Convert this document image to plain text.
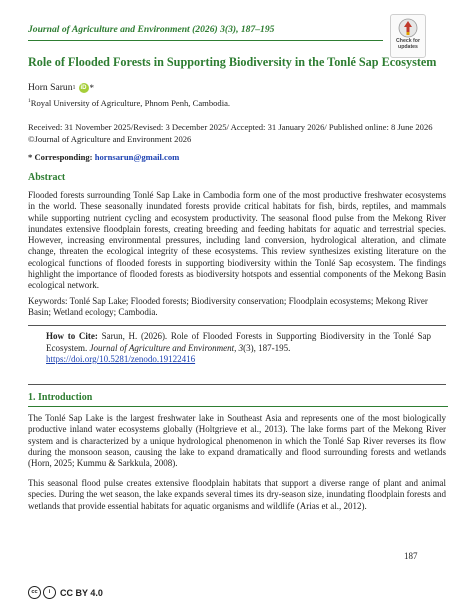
Journal of Agriculture and Environment (2026) 3(3), 187–195
Check for updates
Role of Flooded Forests in Supporting Biodiversity in the Tonlé Sap Ecosystem
Horn Sarun 1 iD *
$^1$Royal University of Agriculture, Phnom Penh, Cambodia.
Received: 31 November 2025/Revised: 3 December 2025/ Accepted: 31 January 2026/ Published online: 8 June 2026
©Journal of Agriculture and Environment 2026
* Corresponding: hornsarun@gmail.com
Abstract
Flooded forests surrounding Tonlé Sap Lake in Cambodia form one of the most productive freshwater ecosystems in the world. These seasonally inundated forests provide critical habitats for fish, birds, reptiles, and mammals while supporting nutrient cycling and ecosystem productivity. The seasonal flood pulse from the Mekong River inundates extensive floodplain forests, creating breeding and feeding habitats for aquatic and terrestrial species. However, increasing environmental pressures, including land conversion, hydrological alteration, and climate change, threaten the ecological integrity of these ecosystems. This review synthesizes existing literature on the ecological functions of flooded forests in supporting biodiversity within the Tonlé Sap ecosystem. The findings highlight the importance of flooded forests as biodiversity hotspots and essential components of the Mekong Basin ecological network.
Keywords: Tonlé Sap Lake; Flooded forests; Biodiversity conservation; Floodplain ecosystems; Mekong River Basin; Wetland ecology; Cambodia.
How to Cite: Sarun, H. (2026). Role of Flooded Forests in Supporting Biodiversity in the Tonlé Sap Ecosystem. Journal of Agriculture and Environment, 3(3), 187-195.
https://doi.org/10.5281/zenodo.19122416
1. Introduction
The Tonlé Sap Lake is the largest freshwater lake in Southeast Asia and represents one of the most biologically productive inland water ecosystems globally (Holtgrieve et al., 2013). The lake forms part of the Mekong River system and is characterized by a unique hydrological phenomenon in which the Tonlé Sap River reverses its flow during the monsoon season, causing the lake to expand dramatically and flood surrounding forests and wetlands (Horn, 2025; Kummu & Sarkkula, 2008).
This seasonal flood pulse creates extensive floodplain habitats that support a diverse range of plant and animal species. During the wet season, the lake expands several times its dry-season size, inundating floodplain forests and wetlands that provide essential habitats for aquatic organisms and wildlife (Arias et al., 2012).
187
cc	i	CC BY 4.0
